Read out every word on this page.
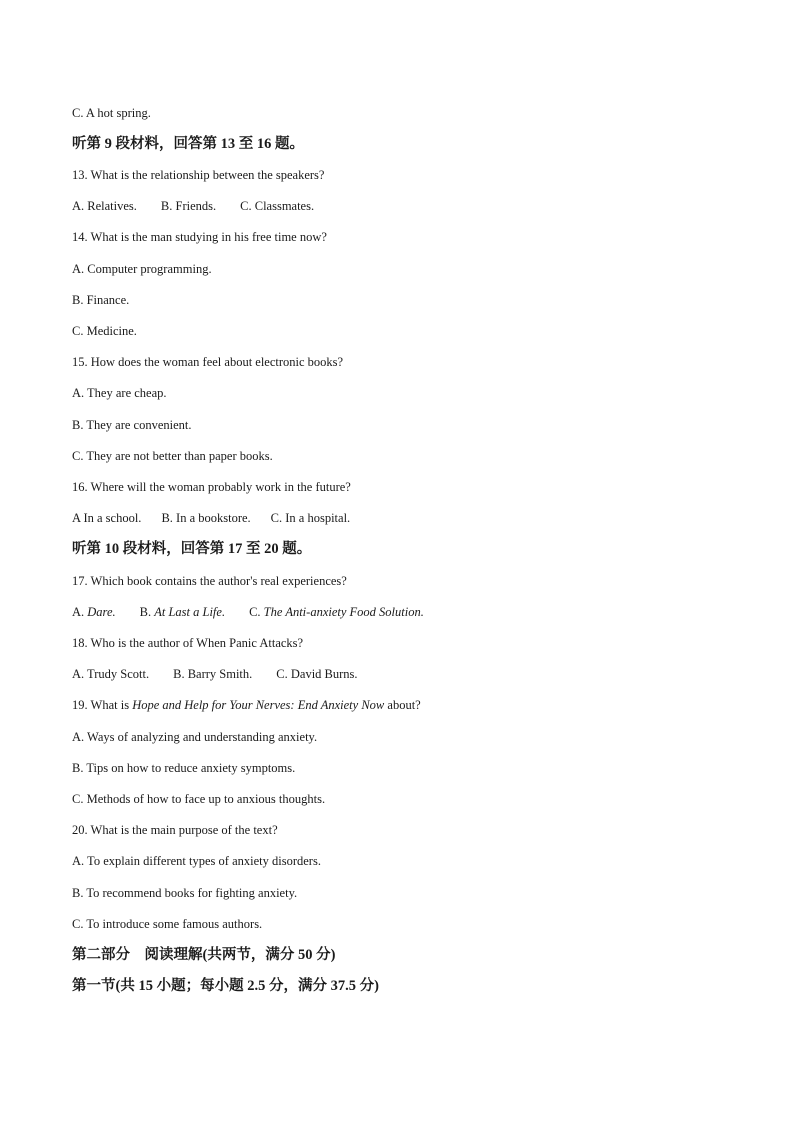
C. A hot spring.
听第 9 段材料，回答第 13 至 16 题。
13. What is the relationship between the speakers?
A. Relatives. B. Friends. C. Classmates.
14. What is the man studying in his free time now?
A. Computer programming.
B. Finance.
C. Medicine.
15. How does the woman feel about electronic books?
A. They are cheap.
B. They are convenient.
C. They are not better than paper books.
16. Where will the woman probably work in the future?
A In a school. B. In a bookstore. C. In a hospital.
听第 10 段材料，回答第 17 至 20 题。
17. Which book contains the author's real experiences?
A. Dare. B. At Last a Life. C. The Anti-anxiety Food Solution.
18. Who is the author of When Panic Attacks?
A. Trudy Scott. B. Barry Smith. C. David Burns.
19. What is Hope and Help for Your Nerves: End Anxiety Now about?
A. Ways of analyzing and understanding anxiety.
B. Tips on how to reduce anxiety symptoms.
C. Methods of how to face up to anxious thoughts.
20. What is the main purpose of the text?
A. To explain different types of anxiety disorders.
B. To recommend books for fighting anxiety.
C. To introduce some famous authors.
第二部分　阅读理解(共两节，满分 50 分)
第一节(共 15 小题；每小题 2.5 分，满分 37.5 分)
